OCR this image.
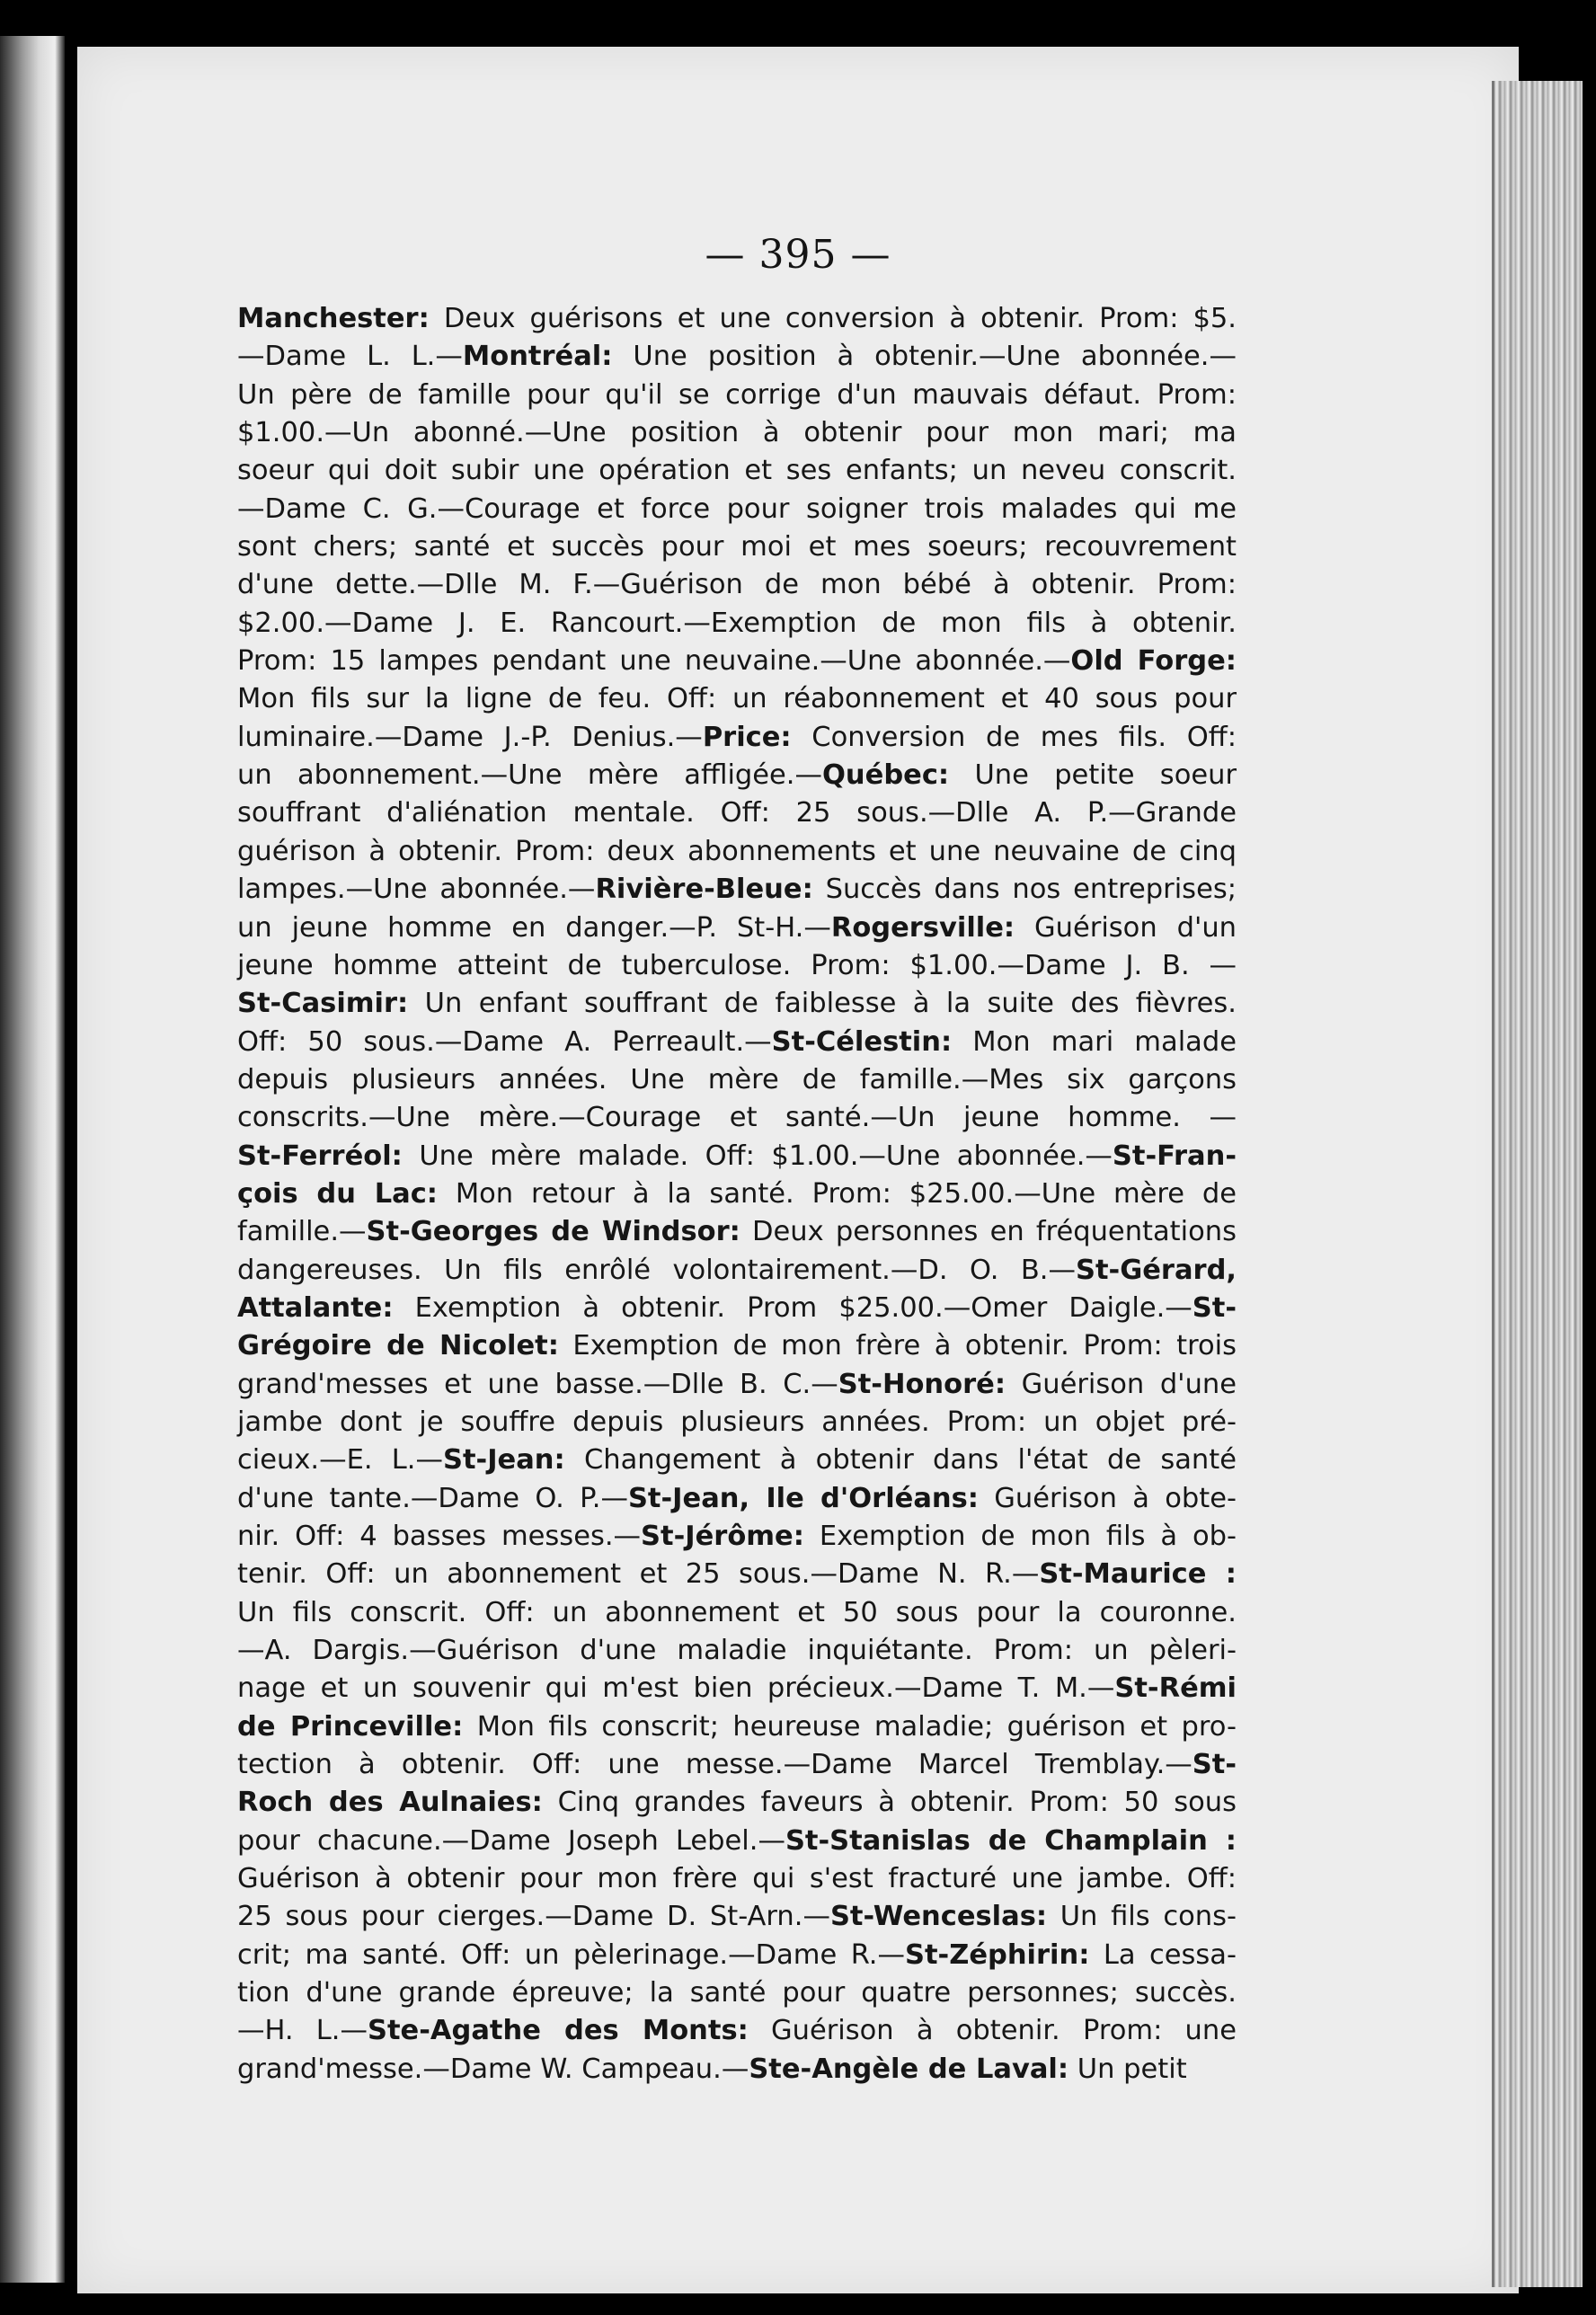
— 395 —
Manchester: Deux guérisons et une conversion à obtenir. Prom: $5.
—Dame L. L.—Montréal: Une position à obtenir.—Une abonnée.—
Un père de famille pour qu'il se corrige d'un mauvais défaut. Prom:
$1.00.—Un abonné.—Une position à obtenir pour mon mari; ma
soeur qui doit subir une opération et ses enfants; un neveu conscrit.
—Dame C. G.—Courage et force pour soigner trois malades qui me
sont chers; santé et succès pour moi et mes soeurs; recouvrement
d'une dette.—Dlle M. F.—Guérison de mon bébé à obtenir. Prom:
$2.00.—Dame J. E. Rancourt.—Exemption de mon fils à obtenir.
Prom: 15 lampes pendant une neuvaine.—Une abonnée.—Old Forge:
Mon fils sur la ligne de feu. Off: un réabonnement et 40 sous pour
luminaire.—Dame J.-P. Denius.—Price: Conversion de mes fils. Off:
un abonnement.—Une mère affligée.—Québec: Une petite soeur
souffrant d'aliénation mentale. Off: 25 sous.—Dlle A. P.—Grande
guérison à obtenir. Prom: deux abonnements et une neuvaine de cinq
lampes.—Une abonnée.—Rivière-Bleue: Succès dans nos entreprises;
un jeune homme en danger.—P. St-H.—Rogersville: Guérison d'un
jeune homme atteint de tuberculose. Prom: $1.00.—Dame J. B. —
St-Casimir: Un enfant souffrant de faiblesse à la suite des fièvres.
Off: 50 sous.—Dame A. Perreault.—St-Célestin: Mon mari malade
depuis plusieurs années. Une mère de famille.—Mes six garçons
conscrits.—Une mère.—Courage et santé.—Un jeune homme. —
St-Ferréol: Une mère malade. Off: $1.00.—Une abonnée.—St-Fran-
çois du Lac: Mon retour à la santé. Prom: $25.00.—Une mère de
famille.—St-Georges de Windsor: Deux personnes en fréquentations
dangereuses. Un fils enrôlé volontairement.—D. O. B.—St-Gérard,
Attalante: Exemption à obtenir. Prom $25.00.—Omer Daigle.—St-
Grégoire de Nicolet: Exemption de mon frère à obtenir. Prom: trois
grand'messes et une basse.—Dlle B. C.—St-Honoré: Guérison d'une
jambe dont je souffre depuis plusieurs années. Prom: un objet pré-
cieux.—E. L.—St-Jean: Changement à obtenir dans l'état de santé
d'une tante.—Dame O. P.—St-Jean, Ile d'Orléans: Guérison à obte-
nir. Off: 4 basses messes.—St-Jérôme: Exemption de mon fils à ob-
tenir. Off: un abonnement et 25 sous.—Dame N. R.—St-Maurice :
Un fils conscrit. Off: un abonnement et 50 sous pour la couronne.
—A. Dargis.—Guérison d'une maladie inquiétante. Prom: un pèleri-
nage et un souvenir qui m'est bien précieux.—Dame T. M.—St-Rémi
de Princeville: Mon fils conscrit; heureuse maladie; guérison et pro-
tection à obtenir. Off: une messe.—Dame Marcel Tremblay.—St-
Roch des Aulnaies: Cinq grandes faveurs à obtenir. Prom: 50 sous
pour chacune.—Dame Joseph Lebel.—St-Stanislas de Champlain :
Guérison à obtenir pour mon frère qui s'est fracturé une jambe. Off:
25 sous pour cierges.—Dame D. St-Arn.—St-Wenceslas: Un fils cons-
crit; ma santé. Off: un pèlerinage.—Dame R.—St-Zéphirin: La cessa-
tion d'une grande épreuve; la santé pour quatre personnes; succès.
—H. L.—Ste-Agathe des Monts: Guérison à obtenir. Prom: une
grand'messe.—Dame W. Campeau.—Ste-Angèle de Laval: Un petit
